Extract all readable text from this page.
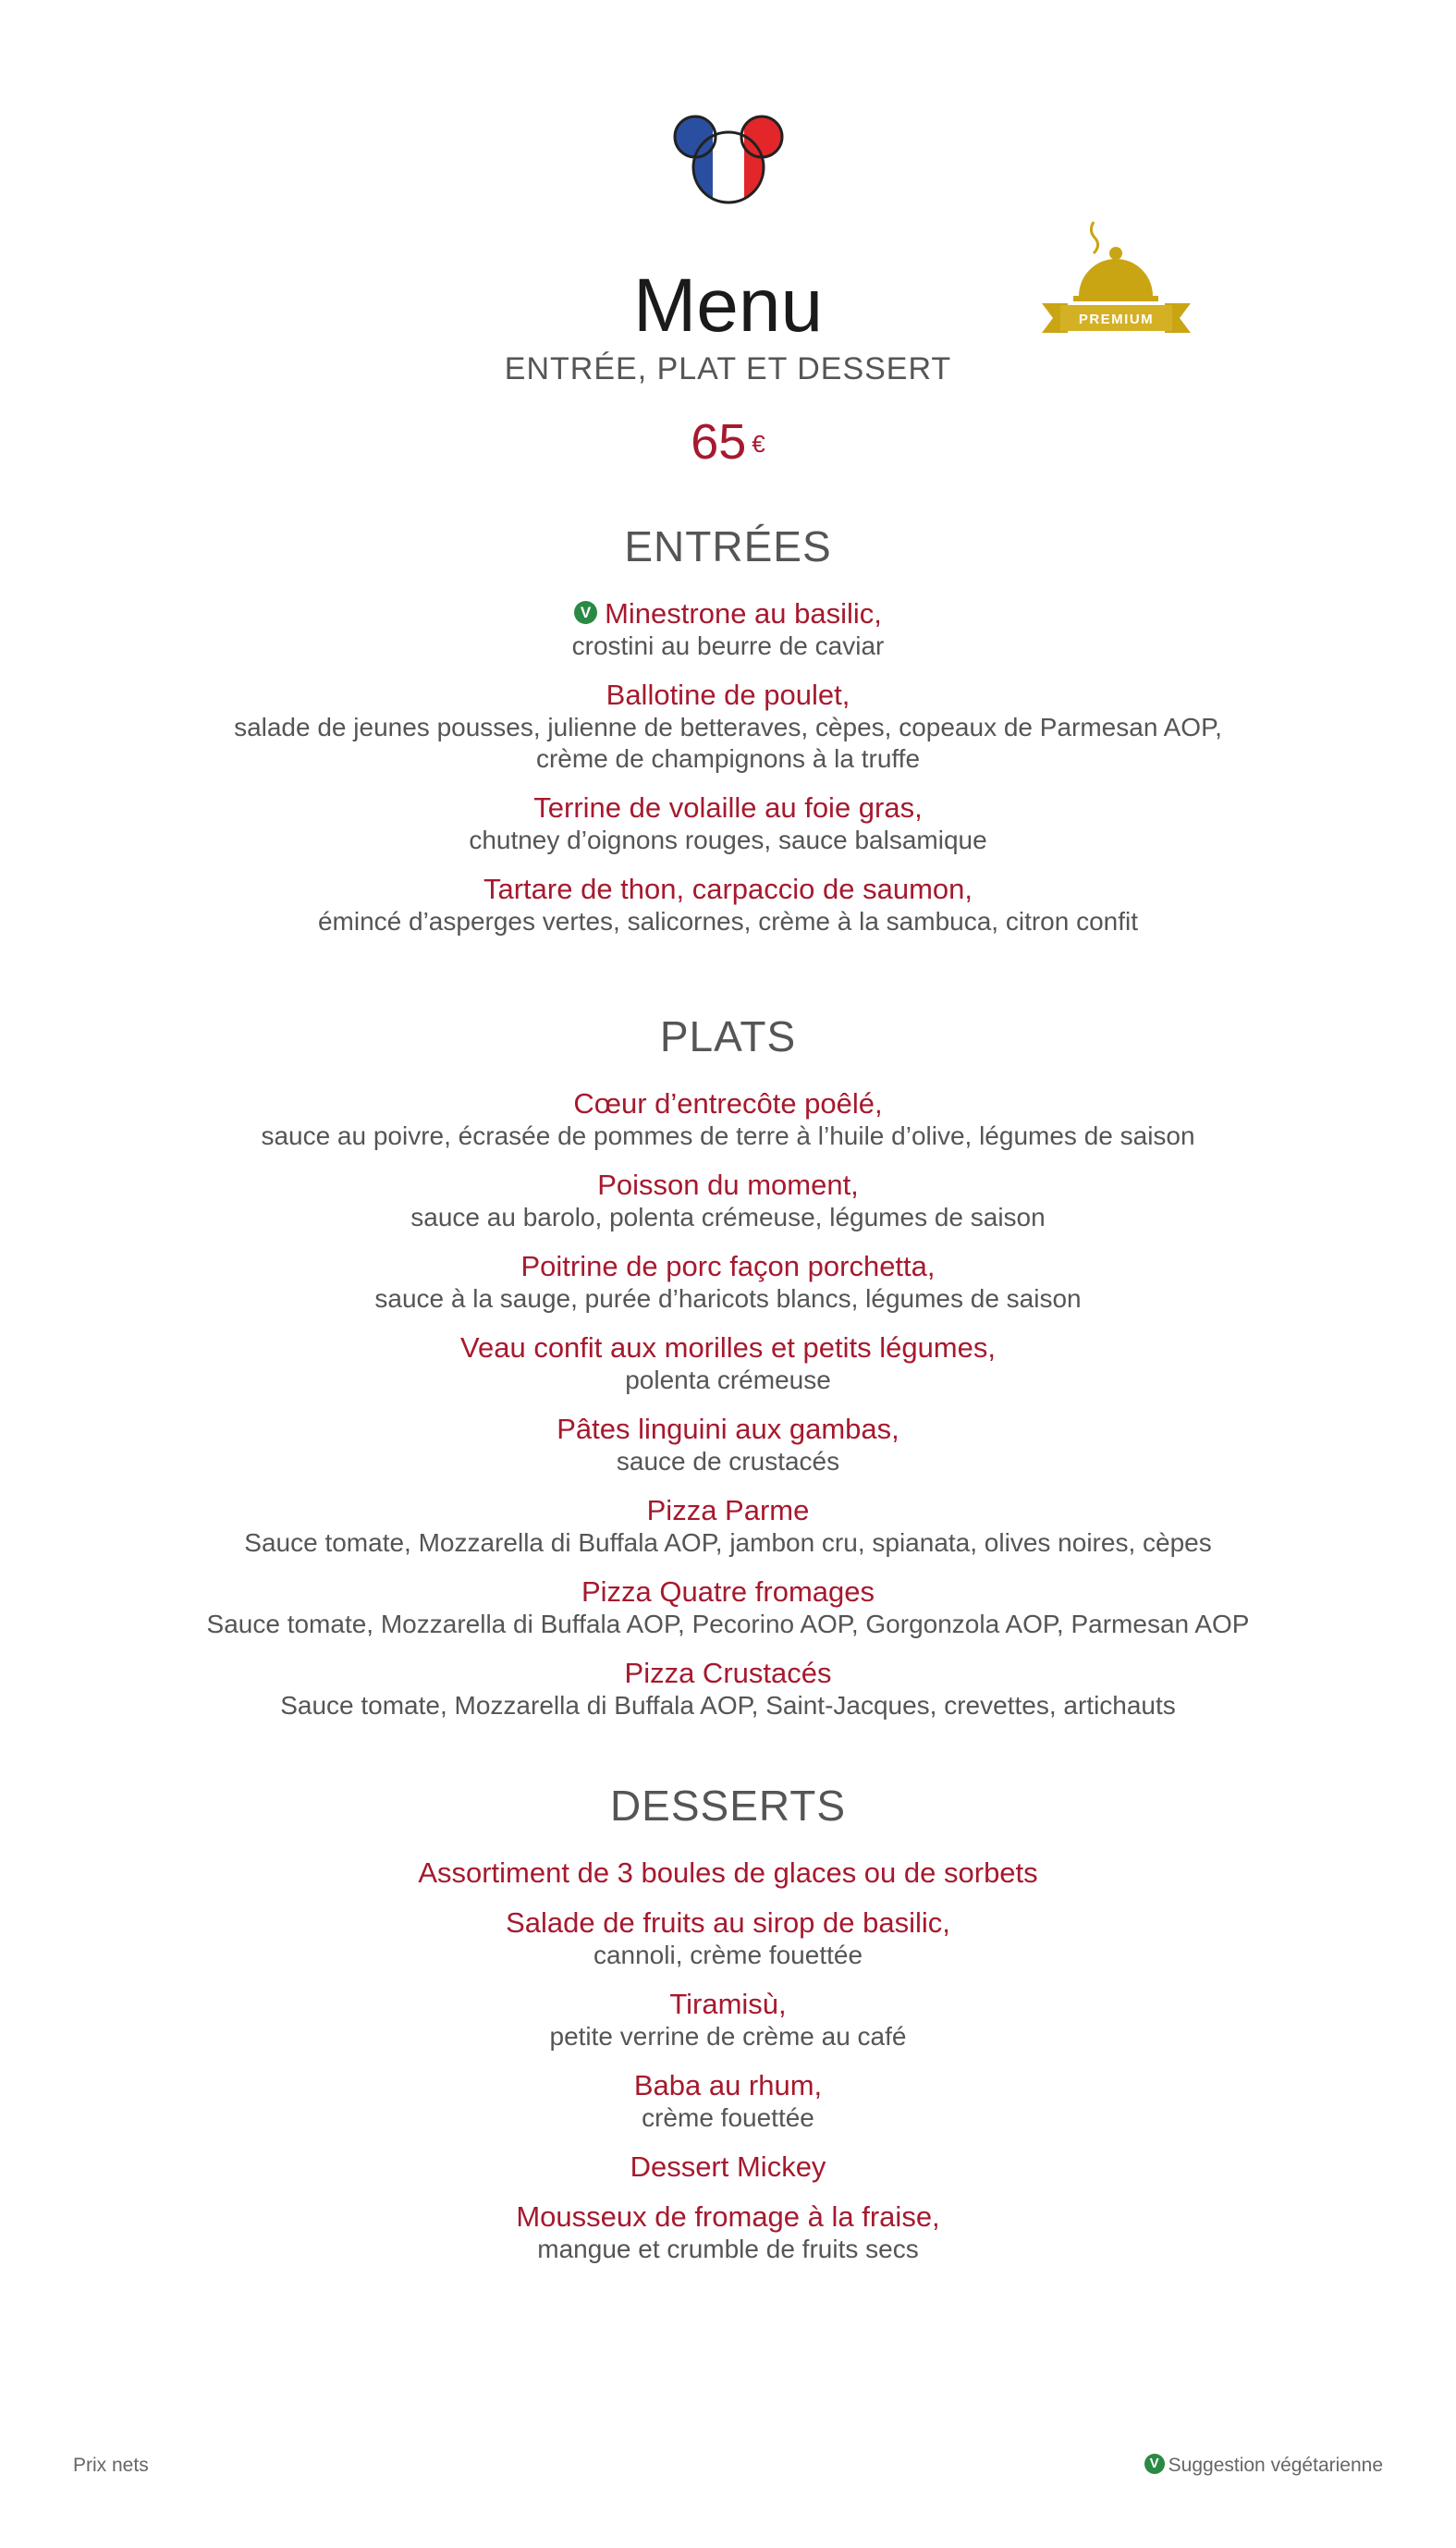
PREMIUM
Menu
ENTRÉE, PLAT ET DESSERT
65 €
ENTRÉES
V Minestrone au basilic,
crostini au beurre de caviar
Ballotine de poulet,
salade de jeunes pousses, julienne de betteraves, cèpes, copeaux de Parmesan AOP,
crème de champignons à la truffe
Terrine de volaille au foie gras,
chutney d’oignons rouges, sauce balsamique
Tartare de thon, carpaccio de saumon,
émincé d’asperges vertes, salicornes, crème à la sambuca, citron confit
PLATS
Cœur d’entrecôte poêlé,
sauce au poivre, écrasée de pommes de terre à l’huile d’olive, légumes de saison
Poisson du moment,
sauce au barolo, polenta crémeuse, légumes de saison
Poitrine de porc façon porchetta,
sauce à la sauge, purée d’haricots blancs, légumes de saison
Veau confit aux morilles et petits légumes,
polenta crémeuse
Pâtes linguini aux gambas,
sauce de crustacés
Pizza Parme
Sauce tomate, Mozzarella di Buffala AOP, jambon cru, spianata, olives noires, cèpes
Pizza Quatre fromages
Sauce tomate, Mozzarella di Buffala AOP, Pecorino AOP, Gorgonzola AOP, Parmesan AOP
Pizza Crustacés
Sauce tomate, Mozzarella di Buffala AOP, Saint-Jacques, crevettes, artichauts
DESSERTS
Assortiment de 3 boules de glaces ou de sorbets
Salade de fruits au sirop de basilic,
cannoli, crème fouettée
Tiramisù,
petite verrine de crème au café
Baba au rhum,
crème fouettée
Dessert Mickey
Mousseux de fromage à la fraise,
mangue et crumble de fruits secs
Prix nets	V Suggestion végétarienne
